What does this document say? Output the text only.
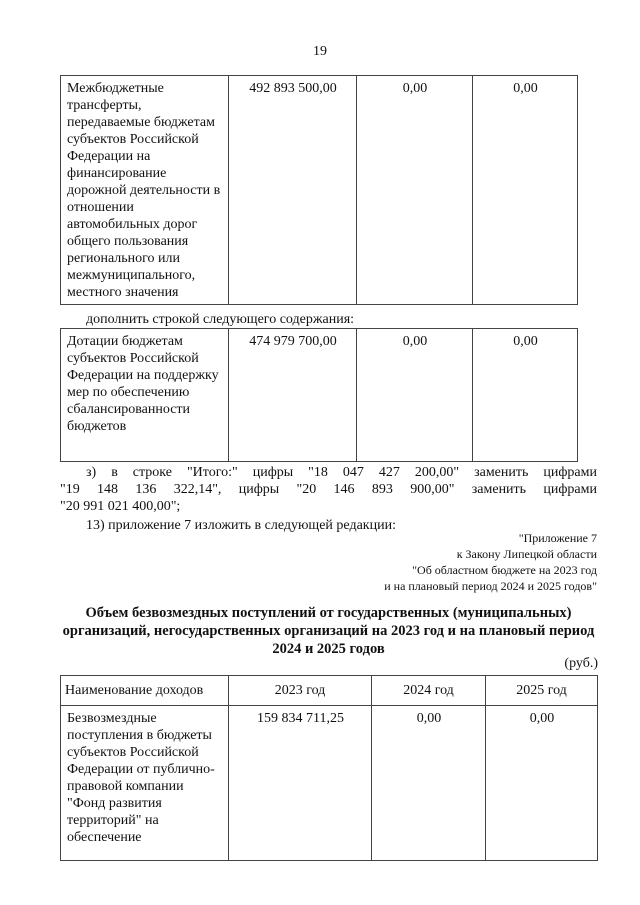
19
Межбюджетные трансферты, передаваемые бюджетам субъектов Российской Федерации на финансирование дорожной деятельности в отношении автомобильных дорог общего пользования регионального или межмуниципального, местного значения	492 893 500,00	0,00	0,00
дополнить строкой следующего содержания:
Дотации бюджетам субъектов Российской Федерации на поддержку мер по обеспечению сбалансированности бюджетов	474 979 700,00	0,00	0,00
з) в строке "Итого:" цифры "18 047 427 200,00" заменить цифрами
"19 148 136 322,14", цифры "20 146 893 900,00" заменить цифрами
"20 991 021 400,00";
13) приложение 7 изложить в следующей редакции:
"Приложение 7
к Закону Липецкой области
"Об областном бюджете на 2023 год
и на плановый период 2024 и 2025 годов"
Объем безвозмездных поступлений от государственных (муниципальных) организаций, негосударственных организаций на 2023 год и на плановый период 2024 и 2025 годов
(руб.)
Наименование доходов	2023 год	2024 год	2025 год
Безвозмездные поступления в бюджеты субъектов Российской Федерации от публично-правовой компании "Фонд развития территорий" на обеспечение	159 834 711,25	0,00	0,00
